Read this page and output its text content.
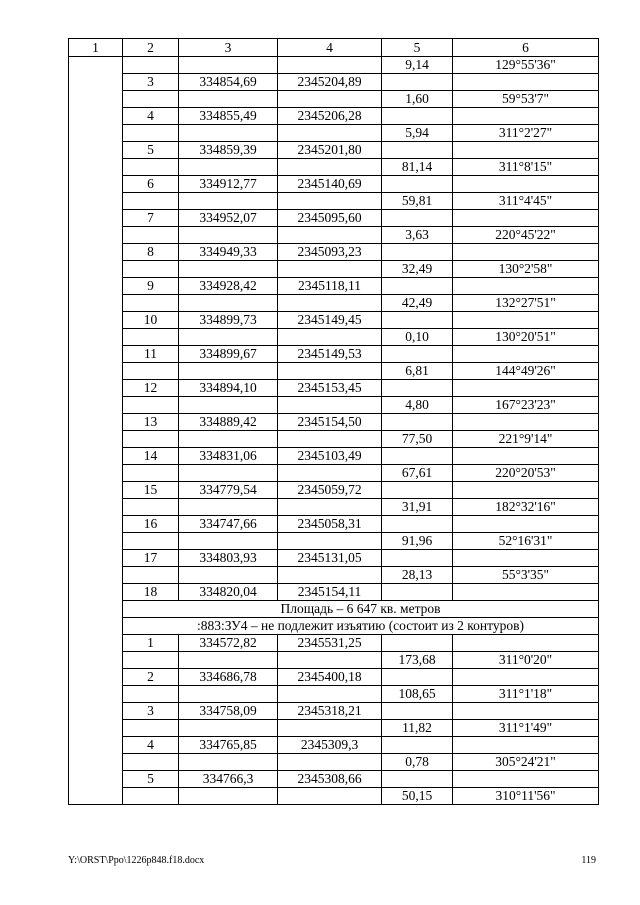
1	2	3	4	5	6
				9,14	129°55'36"
	3	334854,69	2345204,89		
				1,60	59°53'7"
	4	334855,49	2345206,28		
				5,94	311°2'27"
	5	334859,39	2345201,80		
				81,14	311°8'15"
	6	334912,77	2345140,69		
				59,81	311°4'45"
	7	334952,07	2345095,60		
				3,63	220°45'22"
	8	334949,33	2345093,23		
				32,49	130°2'58"
	9	334928,42	2345118,11		
				42,49	132°27'51"
	10	334899,73	2345149,45		
				0,10	130°20'51"
	11	334899,67	2345149,53		
				6,81	144°49'26"
	12	334894,10	2345153,45		
				4,80	167°23'23"
	13	334889,42	2345154,50		
				77,50	221°9'14"
	14	334831,06	2345103,49		
				67,61	220°20'53"
	15	334779,54	2345059,72		
				31,91	182°32'16"
	16	334747,66	2345058,31		
				91,96	52°16'31"
	17	334803,93	2345131,05		
				28,13	55°3'35"
	18	334820,04	2345154,11		
	Площадь – 6 647 кв. метров				
	:883:ЗУ4 – не подлежит изъятию (состоит из 2 контуров)				
	1	334572,82	2345531,25		
				173,68	311°0'20"
	2	334686,78	2345400,18		
				108,65	311°1'18"
	3	334758,09	2345318,21		
				11,82	311°1'49"
	4	334765,85	2345309,3		
				0,78	305°24'21"
	5	334766,3	2345308,66		
				50,15	310°11'56"
Y:\ORST\Ppo\1226p848.f18.docx	119
